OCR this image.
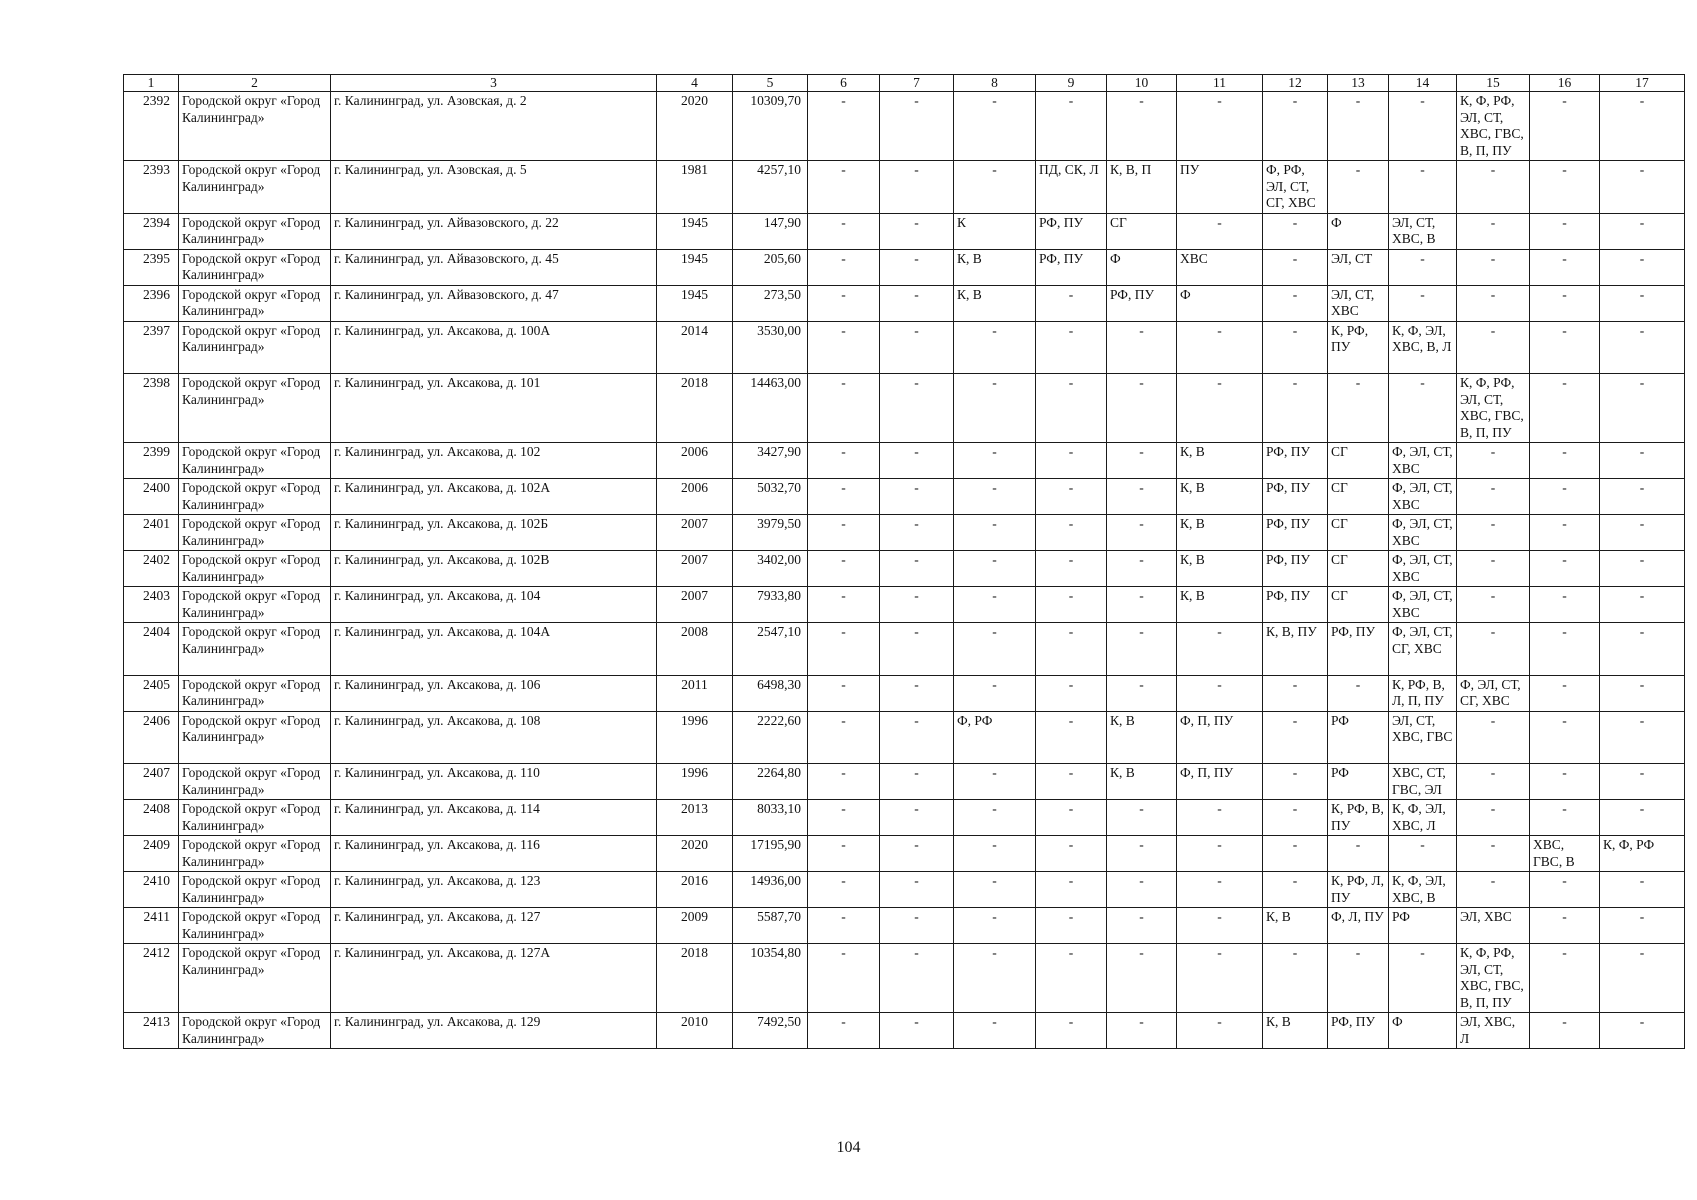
1	2	3	4	5	6	7	8	9	10	11	12	13	14	15	16	17
2392	Городской округ «Город Калининград»	г. Калининград, ул. Азовская, д. 2	2020	10309,70	-	-	-	-	-	-	-	-	-	К, Ф, РФ, ЭЛ, СТ, ХВС, ГВС, В, П, ПУ	-	-
2393	Городской округ «Город Калининград»	г. Калининград, ул. Азовская, д. 5	1981	4257,10	-	-	-	ПД, СК, Л	К, В, П	ПУ	Ф, РФ, ЭЛ, СТ, СГ, ХВС	-	-	-	-	-
2394	Городской округ «Город Калининград»	г. Калининград, ул. Айвазовского, д. 22	1945	147,90	-	-	К	РФ, ПУ	СГ	-	-	Ф	ЭЛ, СТ, ХВС, В	-	-	-
2395	Городской округ «Город Калининград»	г. Калининград, ул. Айвазовского, д. 45	1945	205,60	-	-	К, В	РФ, ПУ	Ф	ХВС	-	ЭЛ, СТ	-	-	-	-
2396	Городской округ «Город Калининград»	г. Калининград, ул. Айвазовского, д. 47	1945	273,50	-	-	К, В	-	РФ, ПУ	Ф	-	ЭЛ, СТ, ХВС	-	-	-	-
2397	Городской округ «Город Калининград»	г. Калининград, ул. Аксакова, д. 100А	2014	3530,00	-	-	-	-	-	-	-	К, РФ, ПУ	К, Ф, ЭЛ, ХВС, В, Л	-	-	-
2398	Городской округ «Город Калининград»	г. Калининград, ул. Аксакова, д. 101	2018	14463,00	-	-	-	-	-	-	-	-	-	К, Ф, РФ, ЭЛ, СТ, ХВС, ГВС, В, П, ПУ	-	-
2399	Городской округ «Город Калининград»	г. Калининград, ул. Аксакова, д. 102	2006	3427,90	-	-	-	-	-	К, В	РФ, ПУ	СГ	Ф, ЭЛ, СТ, ХВС	-	-	-
2400	Городской округ «Город Калининград»	г. Калининград, ул. Аксакова, д. 102А	2006	5032,70	-	-	-	-	-	К, В	РФ, ПУ	СГ	Ф, ЭЛ, СТ, ХВС	-	-	-
2401	Городской округ «Город Калининград»	г. Калининград, ул. Аксакова, д. 102Б	2007	3979,50	-	-	-	-	-	К, В	РФ, ПУ	СГ	Ф, ЭЛ, СТ, ХВС	-	-	-
2402	Городской округ «Город Калининград»	г. Калининград, ул. Аксакова, д. 102В	2007	3402,00	-	-	-	-	-	К, В	РФ, ПУ	СГ	Ф, ЭЛ, СТ, ХВС	-	-	-
2403	Городской округ «Город Калининград»	г. Калининград, ул. Аксакова, д. 104	2007	7933,80	-	-	-	-	-	К, В	РФ, ПУ	СГ	Ф, ЭЛ, СТ, ХВС	-	-	-
2404	Городской округ «Город Калининград»	г. Калининград, ул. Аксакова, д. 104А	2008	2547,10	-	-	-	-	-	-	К, В, ПУ	РФ, ПУ	Ф, ЭЛ, СТ, СГ, ХВС	-	-	-
2405	Городской округ «Город Калининград»	г. Калининград, ул. Аксакова, д. 106	2011	6498,30	-	-	-	-	-	-	-	-	К, РФ, В, Л, П, ПУ	Ф, ЭЛ, СТ, СГ, ХВС	-	-
2406	Городской округ «Город Калининград»	г. Калининград, ул. Аксакова, д. 108	1996	2222,60	-	-	Ф, РФ	-	К, В	Ф, П, ПУ	-	РФ	ЭЛ, СТ, ХВС, ГВС	-	-	-
2407	Городской округ «Город Калининград»	г. Калининград, ул. Аксакова, д. 110	1996	2264,80	-	-	-	-	К, В	Ф, П, ПУ	-	РФ	ХВС, СТ, ГВС, ЭЛ	-	-	-
2408	Городской округ «Город Калининград»	г. Калининград, ул. Аксакова, д. 114	2013	8033,10	-	-	-	-	-	-	-	К, РФ, В, ПУ	К, Ф, ЭЛ, ХВС, Л	-	-	-
2409	Городской округ «Город Калининград»	г. Калининград, ул. Аксакова, д. 116	2020	17195,90	-	-	-	-	-	-	-	-	-	-	ХВС, ГВС, В	К, Ф, РФ
2410	Городской округ «Город Калининград»	г. Калининград, ул. Аксакова, д. 123	2016	14936,00	-	-	-	-	-	-	-	К, РФ, Л, ПУ	К, Ф, ЭЛ, ХВС, В	-	-	-
2411	Городской округ «Город Калининград»	г. Калининград, ул. Аксакова, д. 127	2009	5587,70	-	-	-	-	-	-	К, В	Ф, Л, ПУ	РФ	ЭЛ, ХВС	-	-
2412	Городской округ «Город Калининград»	г. Калининград, ул. Аксакова, д. 127А	2018	10354,80	-	-	-	-	-	-	-	-	-	К, Ф, РФ, ЭЛ, СТ, ХВС, ГВС, В, П, ПУ	-	-
2413	Городской округ «Город Калининград»	г. Калининград, ул. Аксакова, д. 129	2010	7492,50	-	-	-	-	-	-	К, В	РФ, ПУ	Ф	ЭЛ, ХВС, Л	-	-
104
